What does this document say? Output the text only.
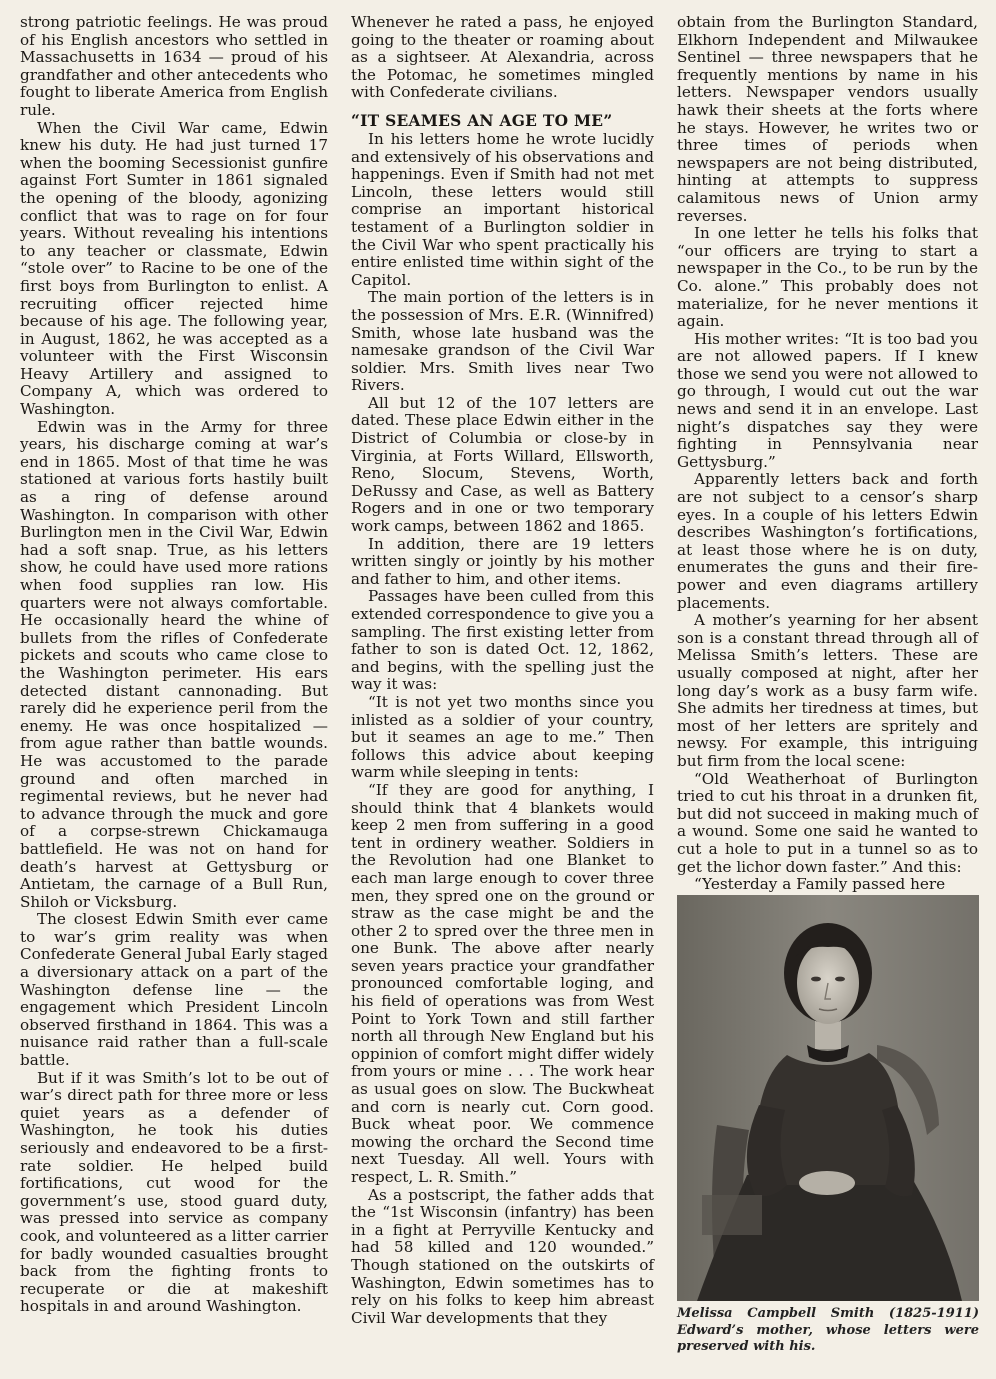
strong patriotic feelings. He was proud of his English ancestors who settled in Massachusetts in 1634 — proud of his grandfather and other antecedents who fought to liberate America from English rule.

When the Civil War came, Edwin knew his duty. He had just turned 17 when the booming Secessionist gunfire against Fort Sumter in 1861 signaled the opening of the bloody, agonizing conflict that was to rage on for four years. Without revealing his intentions to any teacher or classmate, Edwin “stole over” to Racine to be one of the first boys from Burlington to enlist. A recruiting officer rejected hime because of his age. The following year, in August, 1862, he was accepted as a volunteer with the First Wisconsin Heavy Artillery and assigned to Company A, which was ordered to Washington.

Edwin was in the Army for three years, his discharge coming at war’s end in 1865. Most of that time he was stationed at various forts hastily built as a ring of defense around Washington. In comparison with other Burlington men in the Civil War, Edwin had a soft snap. True, as his letters show, he could have used more rations when food supplies ran low. His quarters were not always comfortable. He occasionally heard the whine of bullets from the rifles of Confederate pickets and scouts who came close to the Washington perimeter. His ears detected distant cannonading. But rarely did he experience peril from the enemy. He was once hospitalized — from ague rather than battle wounds. He was accustomed to the parade ground and often marched in regimental reviews, but he never had to advance through the muck and gore of a corpse-strewn Chickamauga battlefield. He was not on hand for death’s harvest at Gettysburg or Antietam, the carnage of a Bull Run, Shiloh or Vicksburg.

The closest Edwin Smith ever came to war’s grim reality was when Confederate General Jubal Early staged a diversionary attack on a part of the Washington defense line — the engagement which President Lincoln observed firsthand in 1864. This was a nuisance raid rather than a full-scale battle.

But if it was Smith’s lot to be out of war’s direct path for three more or less quiet years as a defender of Washington, he took his duties seriously and endeavored to be a first-rate soldier. He helped build fortifications, cut wood for the government’s use, stood guard duty, was pressed into service as company cook, and volunteered as a litter carrier for badly wounded casualties brought back from the fighting fronts to recuperate or die at makeshift hospitals in and around Washington.

Whenever he rated a pass, he enjoyed going to the theater or roaming about as a sightseer. At Alexandria, across the Potomac, he sometimes mingled with Confederate civilians.

“IT SEAMES AN AGE TO ME”

In his letters home he wrote lucidly and extensively of his observations and happenings. Even if Smith had not met Lincoln, these letters would still comprise an important historical testament of a Burlington soldier in the Civil War who spent practically his entire enlisted time within sight of the Capitol.

The main portion of the letters is in the possession of Mrs. E.R. (Winnifred) Smith, whose late husband was the namesake grandson of the Civil War soldier. Mrs. Smith lives near Two Rivers.

All but 12 of the 107 letters are dated. These place Edwin either in the District of Columbia or close-by in Virginia, at Forts Willard, Ellsworth, Reno, Slocum, Stevens, Worth, DeRussy and Case, as well as Battery Rogers and in one or two temporary work camps, between 1862 and 1865.

In addition, there are 19 letters written singly or jointly by his mother and father to him, and other items.

Passages have been culled from this extended correspondence to give you a sampling. The first existing letter from father to son is dated Oct. 12, 1862, and begins, with the spelling just the way it was:

“It is not yet two months since you inlisted as a soldier of your country, but it seames an age to me.” Then follows this advice about keeping warm while sleeping in tents:

“If they are good for anything, I should think that 4 blankets would keep 2 men from suffering in a good tent in ordinery weather. Soldiers in the Revolution had one Blanket to each man large enough to cover three men, they spred one on the ground or straw as the case might be and the other 2 to spred over the three men in one Bunk. The above after nearly seven years practice your grandfather pronounced comfortable loging, and his field of operations was from West Point to York Town and still farther north all through New England but his oppinion of comfort might differ widely from yours or mine . . . The work hear as usual goes on slow. The Buckwheat and corn is nearly cut. Corn good. Buck wheat poor. We commence mowing the orchard the Second time next Tuesday. All well. Yours with respect, L. R. Smith.”

As a postscript, the father adds that the “1st Wisconsin (infantry) has been in a fight at Perryville Kentucky and had 58 killed and 120 wounded.” Though stationed on the outskirts of Washington, Edwin sometimes has to rely on his folks to keep him abreast Civil War developments that they

obtain from the Burlington Standard, Elkhorn Independent and Milwaukee Sentinel — three newspapers that he frequently mentions by name in his letters. Newspaper vendors usually hawk their sheets at the forts where he stays. However, he writes two or three times of periods when newspapers are not being distributed, hinting at attempts to suppress calamitous news of Union army reverses.

In one letter he tells his folks that “our officers are trying to start a newspaper in the Co., to be run by the Co. alone.” This probably does not materialize, for he never mentions it again.

His mother writes: “It is too bad you are not allowed papers. If I knew those we send you were not allowed to go through, I would cut out the war news and send it in an envelope. Last night’s dispatches say they were fighting in Pennsylvania near Gettysburg.”

Apparently letters back and forth are not subject to a censor’s sharp eyes. In a couple of his letters Edwin describes Washington’s fortifications, at least those where he is on duty, enumerates the guns and their fire-power and even diagrams artillery placements.

A mother’s yearning for her absent son is a constant thread through all of Melissa Smith’s letters. These are usually composed at night, after her long day’s work as a busy farm wife. She admits her tiredness at times, but most of her letters are spritely and newsy. For example, this intriguing but firm from the local scene:

“Old Weatherhoat of Burlington tried to cut his throat in a drunken fit, but did not succeed in making much of a wound. Some one said he wanted to cut a hole to put in a tunnel so as to get the lichor down faster.” And this:

“Yesterday a Family passed here

Melissa Campbell Smith (1825-1911) Edward’s mother, whose letters were preserved with his.
